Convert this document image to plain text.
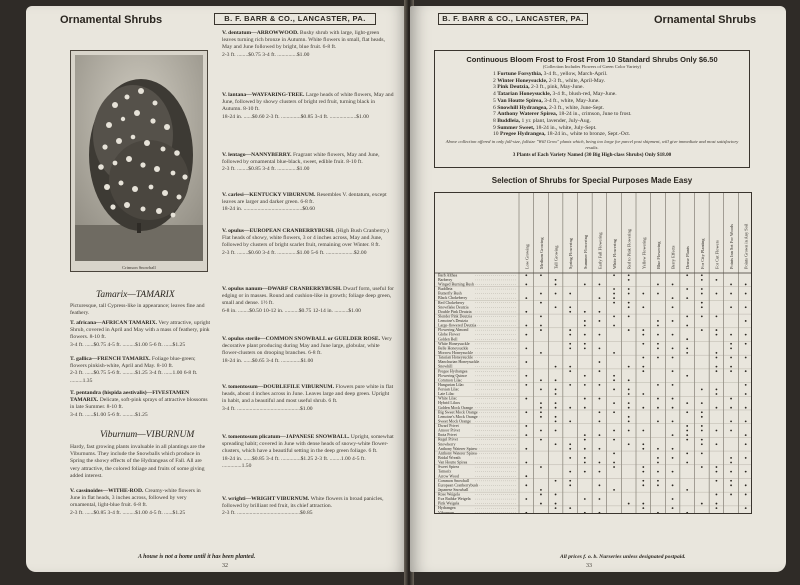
Ornamental Shrubs	B. F. BARR & CO., LANCASTER, PA.
Crimson Snowball
V. dentatum—ARROWWOOD. Bushy shrub with large, light-green leaves turning rich bronze in Autumn. White flowers in small, flat heads, May and June followed by bright, blue fruit. 6-8 ft.
2-3 ft. ........$0.75 3-4 ft. ..............$1.00
V. lantana—WAYFARING-TREE. Large heads of white flowers, May and June, followed by showy clusters of bright red fruit, turning black in Autumn. 8-10 ft.
18-24 in. ......$0.60 2-3 ft. ..............$0.85 3-4 ft. ...................$1.00
V. lentago—NANNYBERRY. Fragrant white flowers, May and June, followed by ornamental blue-black, sweet, edible fruit. 8-10 ft.
2-3 ft. ........$0.85 3-4 ft. ..............$1.00
V. carlesi—KENTUCKY VIBURNUM. Resembles V. dentatum, except leaves are larger and darker green. 6-8 ft.
18-24 in. ..........................................$0.60
V. opulus—EUROPEAN CRANBERRYBUSH. (High Bush Cranberry.) Flat heads of showy, white flowers, 3 or 4 inches across, May and June, followed by clusters of bright scarlet fruit, remaining over Winter. 8 ft.
2-3 ft. ........$0.60 3-4 ft. ..............$1.00 5-6 ft. ....................$2.00
V. opulus nanum—DWARF CRANBERRYBUSH. Dwarf form, useful for edging or in masses. Round and cushion-like in growth; foliage deep green, small and dense. 1½ ft.
6-8 in. ........$0.50 10-12 in. ..........$0.75 12-14 in. ..........$1.00
V. opulus sterile—COMMON SNOWBALL or GUELDER ROSE. Very decorative plant producing during May and June large, globular, white flower-clusters on drooping branches. 6-8 ft.
18-24 in. ......$0.65 3-4 ft. ..............$1.00
V. tomentosum—DOUBLEFILE VIBURNUM. Flowers pure white in flat heads, about 4 inches across in June. Leaves large and deep green. Upright in habit, and a beautiful and most useful shrub. 6 ft.
3-4 ft. .............................................$1.00
V. tomentosum plicatum—JAPANESE SNOWBALL. Upright, somewhat spreading habit; covered in June with dense heads of snowy-white flower-clusters, which have a beautiful setting in the deep green foliage. 6 ft.
18-24 in. ......$0.85 3-4 ft. ..............$1.25 2-3 ft. ........1.00 4-5 ft. ..............1.50
V. wrighti—WRIGHT VIBURNUM. White flowers in broad panicles, followed by brilliant red fruit, its chief attraction.
2-3 ft. .............................................$0.85
Tamarix—TAMARIX
Picturesque, tall Cypress-like in appearance; leaves fine and feathery.
T. africana—AFRICAN TAMARIX. Very attractive, upright Shrub, covered in April and May with a mass of feathery, pink flowers. 8-10 ft.
3-4 ft. ......$0.75 4-5 ft. .........$1.00 5-6 ft. ......$1.25
T. gallica—FRENCH TAMARIX. Foliage blue-green; flowers pinkish-white, April and May. 8-10 ft.
2-3 ft. ......$0.75 5-6 ft. .........$1.25 3-4 ft. ......1.00 6-8 ft. .........1.35
T. pentandra (hispida aestivalis)—FIVESTAMEN TAMARIX. Delicate, soft-pink sprays of attractive blossoms in late Summer. 8-10 ft.
3-4 ft. ......$1.00 5-6 ft. .........$1.25
Viburnum—VIBURNUM
Hardy, fast growing plants invaluable in all plantings are the Viburnums. They include the Snowballs which produce in Spring the showy effects of the Hydrangeas of Fall. All are very attractive, the colored foliage and fruits of some giving added interest.
V. cassinoides—WITHE-ROD. Creamy-white flowers in June in flat heads, 3 inches across, followed by very ornamental, light-blue fruit. 6-8 ft.
2-3 ft. ......$0.85 3-4 ft. .........$1.00 4-5 ft. ......$1.25
A house is not a home until it has been planted.
32
B. F. BARR & CO., LANCASTER, PA.	Ornamental Shrubs
Continuous Bloom Frost to Frost From 10 Standard Shrubs Only $6.50
(Collection Includes Flowers of Green Color Variety)
1 Fortune Forsythia, 3-4 ft., yellow, March-April.
2 Winter Honeysuckle, 2-3 ft., white, April-May.
3 Pink Deutzia, 2-3 ft., pink, May-June.
4 Tatarian Honeysuckle, 3-4 ft., blush-red, May-June.
5 Van Houtte Spirea, 3-4 ft., white, May-June.
6 Snowhill Hydrangea, 2-3 ft., white, June-Sept.
7 Anthony Waterer Spirea, 18-24 in., crimson, June to frost.
8 Buddleia, 1 yr. plant, lavender, July-Aug.
9 Summer Sweet, 18-24 in., white, July-Sept.
10 Pregee Hydrangea, 18-24 in., white to bronze, Sept.-Oct.
Above collection offered in only full-size, fullsize "Will Grow" plants which, being too large for parcel post shipment, will give immediate and most satisfactory results.
3 Plants of Each Variety Named (30 Big High-class Shrubs) Only $18.00
Selection of Shrubs for Special Purposes Made Easy
Low Growing Medium Growing Tall Growing Spring Flowering Summer Flowering Early Fall Flowering White Flowering Red to Pink Flowering Yellow Flowering Blue Flowering Berry Effects Dense Plants For City Planting For Cut Flowers Points Inn Set For Woods Points Grown in Any Soil
Barb Althea
Barberry
Winged Burning Bush
Buddleia
Butterfly Bush
Black Chokeberry
Red Chokeberry
Snowflake Deutzia
Double Pink Deutzia
Slender Pink Deutzia
Lemoine's Deutzia
Large-flowered Deutzia
Flowering Almond
Globe Flower
Golden Bell
White Honeysuckle
Belle Honeysuckle
Morrow Honeysuckle
Tatarian Honeysuckle
Manchurian Honeysuckle
Snowhill
Pregee Hydrangea
Flowering Quince
Common Lilac
Hungarian Lilac
Persian Lilac
Late Lilac
White Lilac
Hybrid Lilacs
Golden Mock Orange
Big Sweet Mock Orange
Lemoine's Mock Orange
Sweet Mock Orange
Dwarf Privet
Amoor Privet
Ibota Privet
Regel Privet
Snowberry
Anthony Waterer Spirea
Anthony Waterer Spirea
Bridal Wreath
Van Houtte Spirea
Sweet Spirea
Tamarix
Arrow Wood
Common Snowball
European Cranberrybush
Japanese Snowball
Rose Weigela
Eva Rathke Weigela
Pink Weigela
Hydrangea
Viburnum
All prices f. o. b. Nurseries unless designated postpaid.
33
